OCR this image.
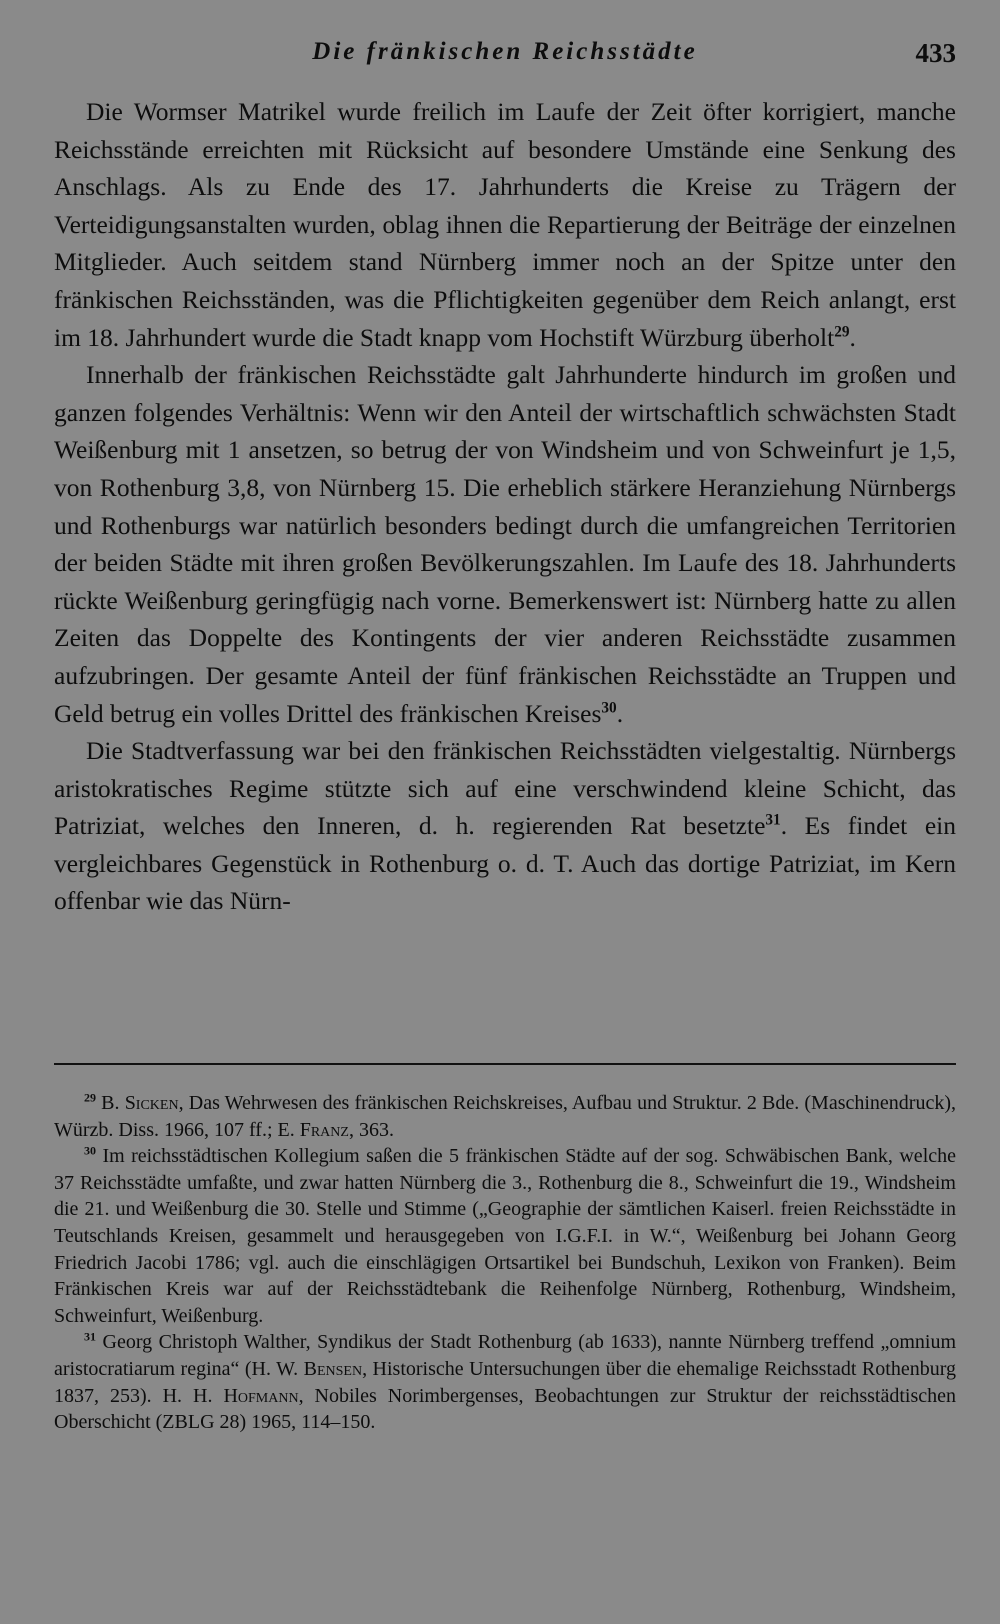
Die fränkischen Reichsstädte	433

Die Wormser Matrikel wurde freilich im Laufe der Zeit öfter korrigiert, manche Reichsstände erreichten mit Rücksicht auf besondere Umstände eine Senkung des Anschlags. Als zu Ende des 17. Jahrhunderts die Kreise zu Trägern der Verteidigungsanstalten wurden, oblag ihnen die Repartierung der Beiträge der einzelnen Mitglieder. Auch seitdem stand Nürnberg immer noch an der Spitze unter den fränkischen Reichsständen, was die Pflichtigkeiten gegenüber dem Reich anlangt, erst im 18. Jahrhundert wurde die Stadt knapp vom Hochstift Würzburg überholt$^{29}$.

Innerhalb der fränkischen Reichsstädte galt Jahrhunderte hindurch im großen und ganzen folgendes Verhältnis: Wenn wir den Anteil der wirtschaftlich schwächsten Stadt Weißenburg mit 1 ansetzen, so betrug der von Windsheim und von Schweinfurt je 1,5, von Rothenburg 3,8, von Nürnberg 15. Die erheblich stärkere Heranziehung Nürnbergs und Rothenburgs war natürlich besonders bedingt durch die umfangreichen Territorien der beiden Städte mit ihren großen Bevölkerungszahlen. Im Laufe des 18. Jahrhunderts rückte Weißenburg geringfügig nach vorne. Bemerkenswert ist: Nürnberg hatte zu allen Zeiten das Doppelte des Kontingents der vier anderen Reichsstädte zusammen aufzubringen. Der gesamte Anteil der fünf fränkischen Reichsstädte an Truppen und Geld betrug ein volles Drittel des fränkischen Kreises$^{30}$.

Die Stadtverfassung war bei den fränkischen Reichsstädten vielgestaltig. Nürnbergs aristokratisches Regime stützte sich auf eine verschwindend kleine Schicht, das Patriziat, welches den Inneren, d. h. regierenden Rat besetzte$^{31}$. Es findet ein vergleichbares Gegenstück in Rothenburg o. d. T. Auch das dortige Patriziat, im Kern offenbar wie das Nürn-

$^{29}$ B. Sicken, Das Wehrwesen des fränkischen Reichskreises, Aufbau und Struktur. 2 Bde. (Maschinendruck), Würzb. Diss. 1966, 107 ff.; E. Franz, 363.

$^{30}$ Im reichsstädtischen Kollegium saßen die 5 fränkischen Städte auf der sog. Schwäbischen Bank, welche 37 Reichsstädte umfaßte, und zwar hatten Nürnberg die 3., Rothenburg die 8., Schweinfurt die 19., Windsheim die 21. und Weißenburg die 30. Stelle und Stimme („Geographie der sämtlichen Kaiserl. freien Reichsstädte in Teutschlands Kreisen, gesammelt und herausgegeben von I.G.F.I. in W.“, Weißenburg bei Johann Georg Friedrich Jacobi 1786; vgl. auch die einschlägigen Ortsartikel bei Bundschuh, Lexikon von Franken). Beim Fränkischen Kreis war auf der Reichsstädtebank die Reihenfolge Nürnberg, Rothenburg, Windsheim, Schweinfurt, Weißenburg.

$^{31}$ Georg Christoph Walther, Syndikus der Stadt Rothenburg (ab 1633), nannte Nürnberg treffend „omnium aristocratiarum regina“ (H. W. Bensen, Historische Untersuchungen über die ehemalige Reichsstadt Rothenburg 1837, 253). H. H. Hofmann, Nobiles Norimbergenses, Beobachtungen zur Struktur der reichsstädtischen Oberschicht (ZBLG 28) 1965, 114–150.
